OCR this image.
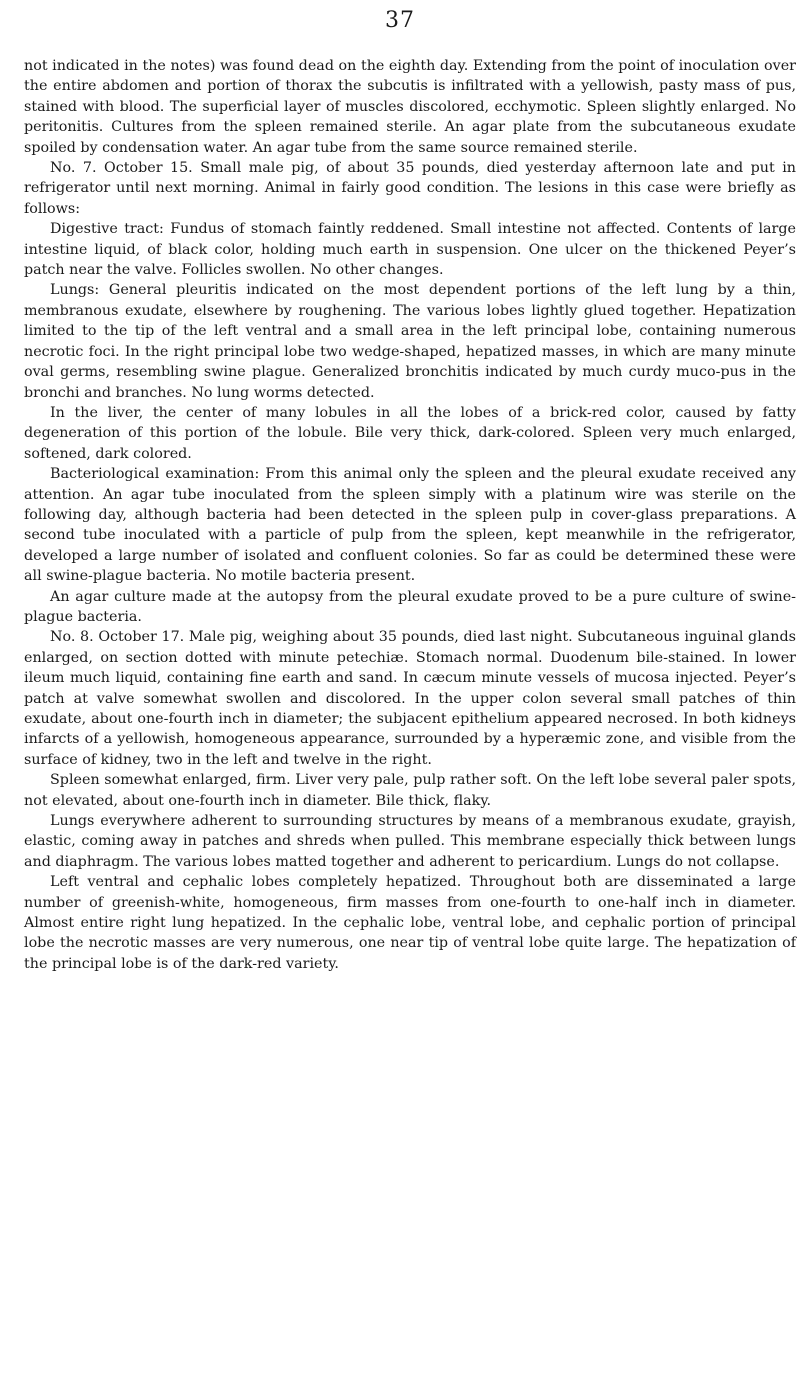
37

not indicated in the notes) was found dead on the eighth day. Extending from the point of inoculation over the entire abdomen and portion of thorax the subcutis is infiltrated with a yellowish, pasty mass of pus, stained with blood. The superficial layer of muscles discolored, ecchymotic. Spleen slightly enlarged. No peritonitis. Cultures from the spleen remained sterile. An agar plate from the subcutaneous exudate spoiled by condensation water. An agar tube from the same source remained sterile.

No. 7. October 15. Small male pig, of about 35 pounds, died yesterday afternoon late and put in refrigerator until next morning. Animal in fairly good condition. The lesions in this case were briefly as follows:

Digestive tract: Fundus of stomach faintly reddened. Small intestine not affected. Contents of large intestine liquid, of black color, holding much earth in suspension. One ulcer on the thickened Peyer’s patch near the valve. Follicles swollen. No other changes.

Lungs: General pleuritis indicated on the most dependent portions of the left lung by a thin, membranous exudate, elsewhere by roughening. The various lobes lightly glued together. Hepatization limited to the tip of the left ventral and a small area in the left principal lobe, containing numerous necrotic foci. In the right principal lobe two wedge-shaped, hepatized masses, in which are many minute oval germs, resembling swine plague. Generalized bronchitis indicated by much curdy muco-pus in the bronchi and branches. No lung worms detected.

In the liver, the center of many lobules in all the lobes of a brick-red color, caused by fatty degeneration of this portion of the lobule. Bile very thick, dark-colored. Spleen very much enlarged, softened, dark colored.

Bacteriological examination: From this animal only the spleen and the pleural exudate received any attention. An agar tube inoculated from the spleen simply with a platinum wire was sterile on the following day, although bacteria had been detected in the spleen pulp in cover-glass preparations. A second tube inoculated with a particle of pulp from the spleen, kept meanwhile in the refrigerator, developed a large number of isolated and confluent colonies. So far as could be determined these were all swine-plague bacteria. No motile bacteria present.

An agar culture made at the autopsy from the pleural exudate proved to be a pure culture of swine-plague bacteria.

No. 8. October 17. Male pig, weighing about 35 pounds, died last night. Subcutaneous inguinal glands enlarged, on section dotted with minute petechiæ. Stomach normal. Duodenum bile-stained. In lower ileum much liquid, containing fine earth and sand. In cæcum minute vessels of mucosa injected. Peyer’s patch at valve somewhat swollen and discolored. In the upper colon several small patches of thin exudate, about one-fourth inch in diameter; the subjacent epithelium appeared necrosed. In both kidneys infarcts of a yellowish, homogeneous appearance, surrounded by a hyperæmic zone, and visible from the surface of kidney, two in the left and twelve in the right.

Spleen somewhat enlarged, firm. Liver very pale, pulp rather soft. On the left lobe several paler spots, not elevated, about one-fourth inch in diameter. Bile thick, flaky.

Lungs everywhere adherent to surrounding structures by means of a membranous exudate, grayish, elastic, coming away in patches and shreds when pulled. This membrane especially thick between lungs and diaphragm. The various lobes matted together and adherent to pericardium. Lungs do not collapse.

Left ventral and cephalic lobes completely hepatized. Throughout both are disseminated a large number of greenish-white, homogeneous, firm masses from one-fourth to one-half inch in diameter. Almost entire right lung hepatized. In the cephalic lobe, ventral lobe, and cephalic portion of principal lobe the necrotic masses are very numerous, one near tip of ventral lobe quite large. The hepatization of the principal lobe is of the dark-red variety.
